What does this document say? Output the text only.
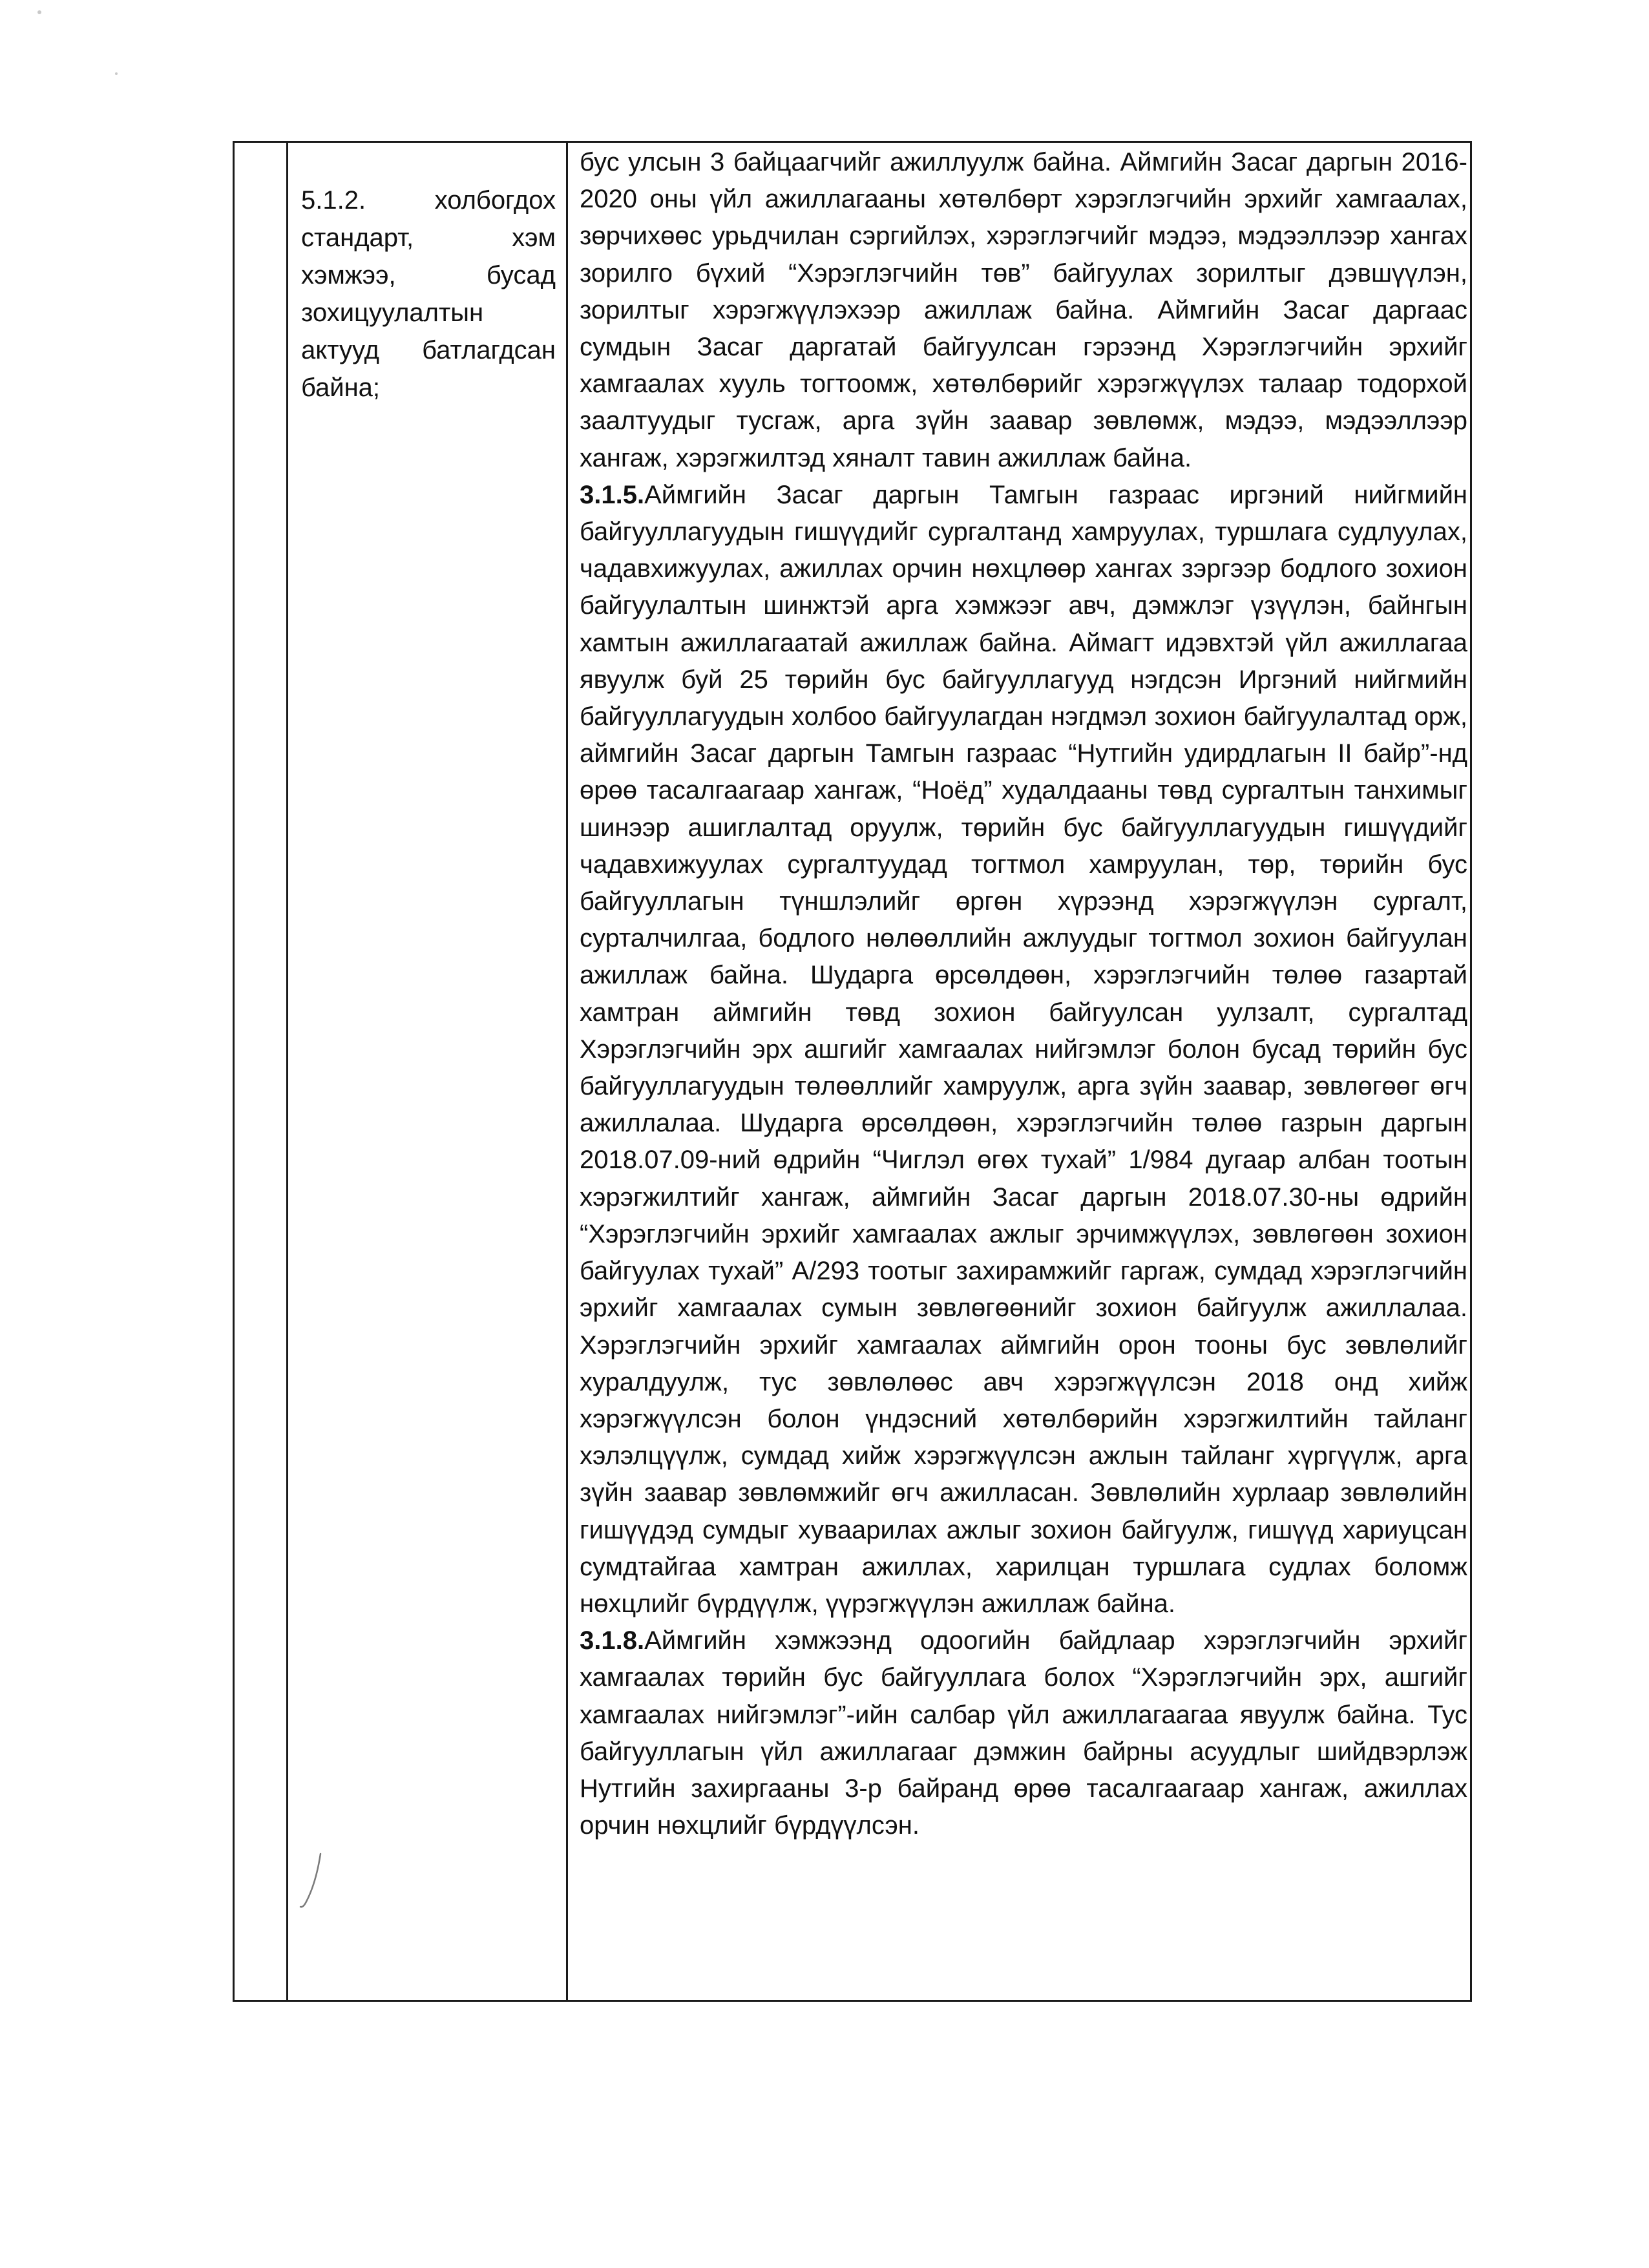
5.1.2. холбогдох стандарт, хэм хэмжээ, бусад зохицуулалтын актууд батлагдсан байна;

бус улсын 3 байцаагчийг ажиллуулж байна. Аймгийн Засаг даргын 2016-2020 оны үйл ажиллагааны хөтөлбөрт хэрэглэгчийн эрхийг хамгаалах, зөрчихөөс урьдчилан сэргийлэх, хэрэглэгчийг мэдээ, мэдээллээр хангах зорилго бүхий “Хэрэглэгчийн төв” байгуулах зорилтыг дэвшүүлэн, зорилтыг хэрэгжүүлэхээр ажиллаж байна. Аймгийн Засаг даргаас сумдын Засаг даргатай байгуулсан гэрээнд Хэрэглэгчийн эрхийг хамгаалах хууль тогтоомж, хөтөлбөрийг хэрэгжүүлэх талаар тодорхой заалтуудыг тусгаж, арга зүйн заавар зөвлөмж, мэдээ, мэдээллээр хангаж, хэрэгжилтэд хяналт тавин ажиллаж байна.

3.1.5.Аймгийн Засаг даргын Тамгын газраас иргэний нийгмийн байгууллагуудын гишүүдийг сургалтанд хамруулах, туршлага судлуулах, чадавхижуулах, ажиллах орчин нөхцлөөр хангах зэргээр бодлого зохион байгуулалтын шинжтэй арга хэмжээг авч, дэмжлэг үзүүлэн, байнгын хамтын ажиллагаатай ажиллаж байна. Аймагт идэвхтэй үйл ажиллагаа явуулж буй 25 төрийн бус байгууллагууд нэгдсэн Иргэний нийгмийн байгууллагуудын холбоо байгуулагдан нэгдмэл зохион байгуулалтад орж, аймгийн Засаг даргын Тамгын газраас “Нутгийн удирдлагын II байр”-нд өрөө тасалгаагаар хангаж, “Ноёд” худалдааны төвд сургалтын танхимыг шинээр ашиглалтад оруулж, төрийн бус байгууллагуудын гишүүдийг чадавхижуулах сургалтуудад тогтмол хамруулан, төр, төрийн бус байгууллагын түншлэлийг өргөн хүрээнд хэрэгжүүлэн сургалт, сурталчилгаа, бодлого нөлөөллийн ажлуудыг тогтмол зохион байгуулан ажиллаж байна. Шударга өрсөлдөөн, хэрэглэгчийн төлөө газартай хамтран аймгийн төвд зохион байгуулсан уулзалт, сургалтад Хэрэглэгчийн эрх ашгийг хамгаалах нийгэмлэг болон бусад төрийн бус байгууллагуудын төлөөллийг хамруулж, арга зүйн заавар, зөвлөгөөг өгч ажиллалаа. Шударга өрсөлдөөн, хэрэглэгчийн төлөө газрын даргын 2018.07.09-ний өдрийн “Чиглэл өгөх тухай” 1/984 дугаар албан тоотын хэрэгжилтийг хангаж, аймгийн Засаг даргын 2018.07.30-ны өдрийн “Хэрэглэгчийн эрхийг хамгаалах ажлыг эрчимжүүлэх, зөвлөгөөн зохион байгуулах тухай” А/293 тоотыг захирамжийг гаргаж, сумдад хэрэглэгчийн эрхийг хамгаалах сумын зөвлөгөөнийг зохион байгуулж ажиллалаа. Хэрэглэгчийн эрхийг хамгаалах аймгийн орон тооны бус зөвлөлийг хуралдуулж, тус зөвлөлөөс авч хэрэгжүүлсэн 2018 онд хийж хэрэгжүүлсэн болон үндэсний хөтөлбөрийн хэрэгжилтийн тайланг хэлэлцүүлж, сумдад хийж хэрэгжүүлсэн ажлын тайланг хүргүүлж, арга зүйн заавар зөвлөмжийг өгч ажилласан. Зөвлөлийн хурлаар зөвлөлийн гишүүдэд сумдыг хуваарилах ажлыг зохион байгуулж, гишүүд хариуцсан сумдтайгаа хамтран ажиллах, харилцан туршлага судлах боломж нөхцлийг бүрдүүлж, үүрэгжүүлэн ажиллаж байна.

3.1.8.Аймгийн хэмжээнд одоогийн байдлаар хэрэглэгчийн эрхийг хамгаалах төрийн бус байгууллага болох “Хэрэглэгчийн эрх, ашгийг хамгаалах нийгэмлэг”-ийн салбар үйл ажиллагаагаа явуулж байна. Тус байгууллагын үйл ажиллагааг дэмжин байрны асуудлыг шийдвэрлэж Нутгийн захиргааны 3-р байранд өрөө тасалгаагаар хангаж, ажиллах орчин нөхцлийг бүрдүүлсэн.
